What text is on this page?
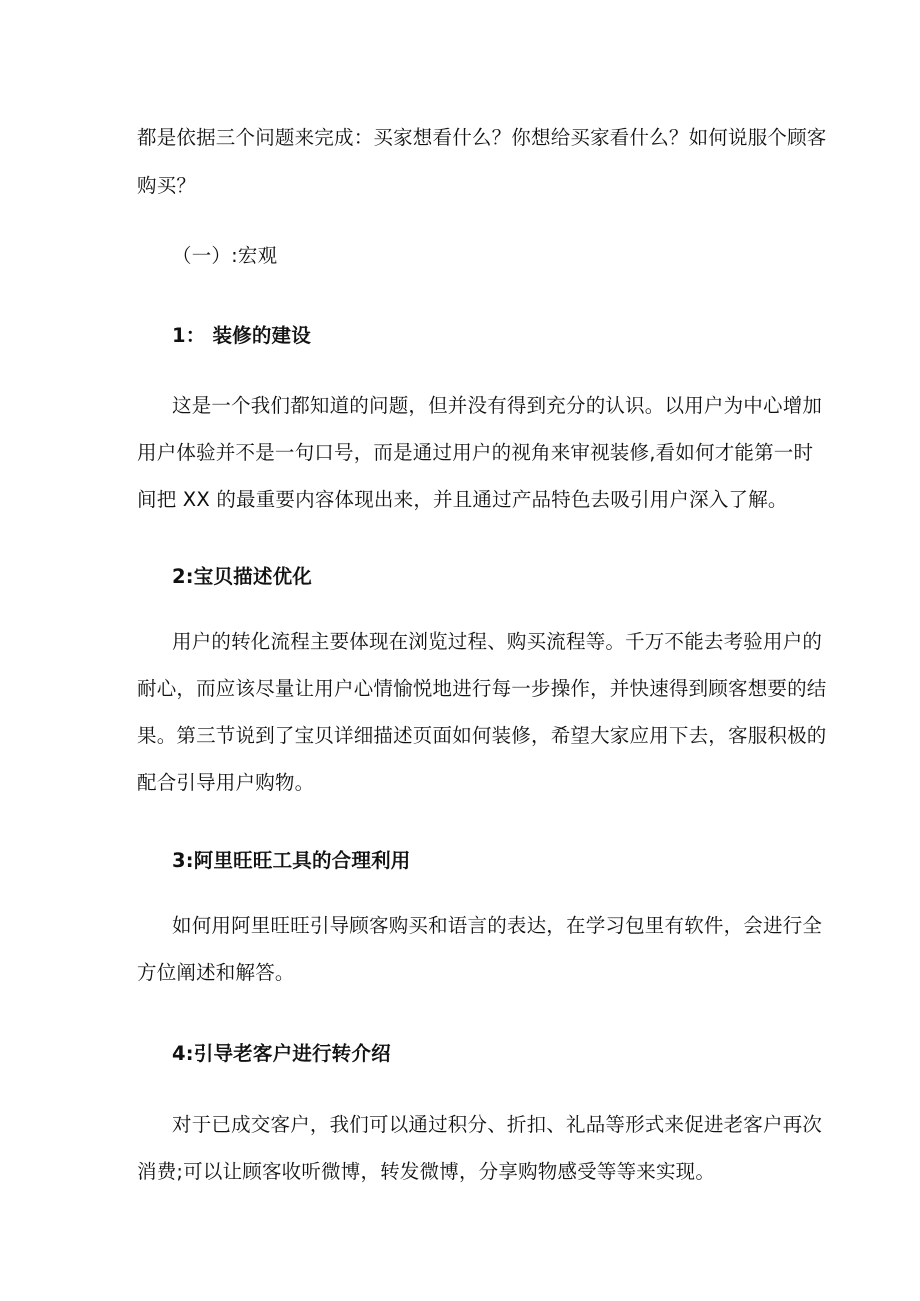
都是依据三个问题来完成：买家想看什么？你想给买家看什么？如何说服个顾客
购买？
（一）:宏观
1： 装修的建设
这是一个我们都知道的问题，但并没有得到充分的认识。以用户为中心增加
用户体验并不是一句口号，而是通过用户的视角来审视装修,看如何才能第一时
间把 XX 的最重要内容体现出来，并且通过产品特色去吸引用户深入了解。
2:宝贝描述优化
用户的转化流程主要体现在浏览过程、购买流程等。千万不能去考验用户的
耐心，而应该尽量让用户心情愉悦地进行每一步操作，并快速得到顾客想要的结
果。第三节说到了宝贝详细描述页面如何装修，希望大家应用下去，客服积极的
配合引导用户购物。
3:阿里旺旺工具的合理利用
如何用阿里旺旺引导顾客购买和语言的表达，在学习包里有软件，会进行全
方位阐述和解答。
4:引导老客户进行转介绍
对于已成交客户，我们可以通过积分、折扣、礼品等形式来促进老客户再次
消费;可以让顾客收听微博，转发微博，分享购物感受等等来实现。
